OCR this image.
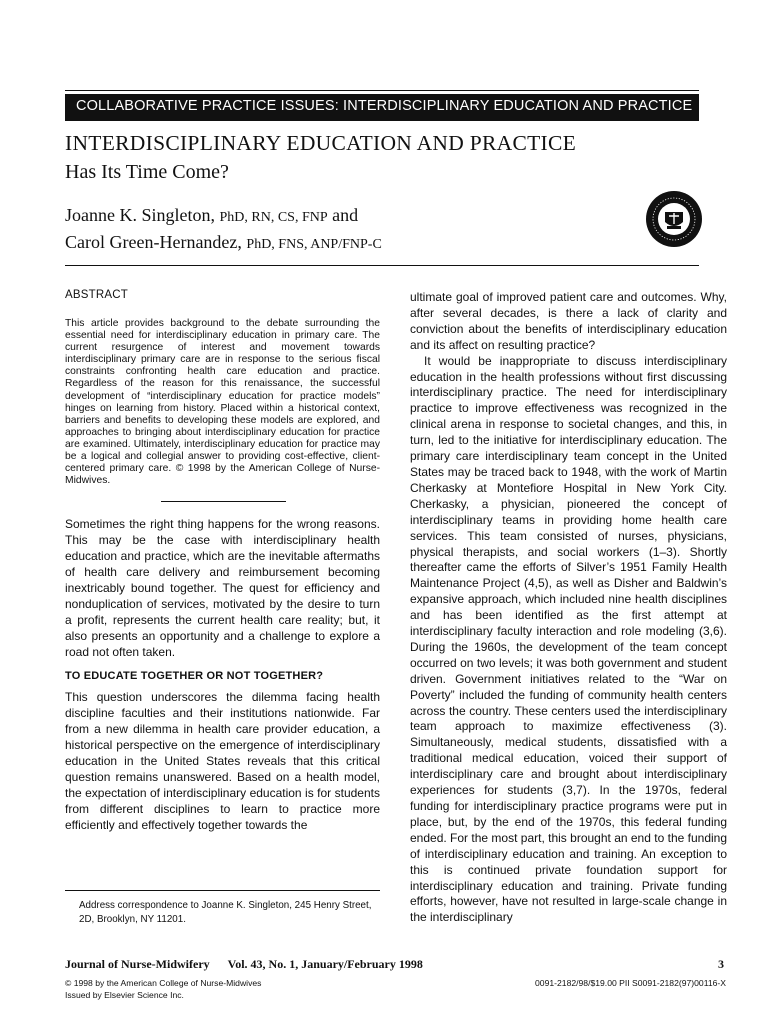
COLLABORATIVE PRACTICE ISSUES: INTERDISCIPLINARY EDUCATION AND PRACTICE
INTERDISCIPLINARY EDUCATION AND PRACTICE
Has Its Time Come?
Joanne K. Singleton, PhD, RN, CS, FNP and
Carol Green-Hernandez, PhD, FNS, ANP/FNP-C
ABSTRACT

This article provides background to the debate surrounding the essential need for interdisciplinary education in primary care. The current resurgence of interest and movement towards interdisciplinary primary care are in response to the serious fiscal constraints confronting health care education and practice. Regardless of the reason for this renaissance, the successful development of “interdisciplinary education for practice models” hinges on learning from history. Placed within a historical context, barriers and benefits to developing these models are explored, and approaches to bringing about interdisciplinary education for practice are examined. Ultimately, interdisciplinary education for practice may be a logical and collegial answer to providing cost-effective, client-centered primary care. © 1998 by the American College of Nurse-Midwives.

Sometimes the right thing happens for the wrong reasons. This may be the case with interdisciplinary health education and practice, which are the inevitable aftermaths of health care delivery and reimbursement becoming inextricably bound together. The quest for efficiency and nonduplication of services, motivated by the desire to turn a profit, represents the current health care reality; but, it also presents an opportunity and a challenge to explore a road not often taken.

TO EDUCATE TOGETHER OR NOT TOGETHER?

This question underscores the dilemma facing health discipline faculties and their institutions nationwide. Far from a new dilemma in health care provider education, a historical perspective on the emergence of interdisciplinary education in the United States reveals that this critical question remains unanswered. Based on a health model, the expectation of interdisciplinary education is for students from different disciplines to learn to practice more efficiently and effectively together towards the

ultimate goal of improved patient care and outcomes. Why, after several decades, is there a lack of clarity and conviction about the benefits of interdisciplinary education and its affect on resulting practice?

It would be inappropriate to discuss interdisciplinary education in the health professions without first discussing interdisciplinary practice. The need for interdisciplinary practice to improve effectiveness was recognized in the clinical arena in response to societal changes, and this, in turn, led to the initiative for interdisciplinary education. The primary care interdisciplinary team concept in the United States may be traced back to 1948, with the work of Martin Cherkasky at Montefiore Hospital in New York City. Cherkasky, a physician, pioneered the concept of interdisciplinary teams in providing home health care services. This team consisted of nurses, physicians, physical therapists, and social workers (1–3). Shortly thereafter came the efforts of Silver’s 1951 Family Health Maintenance Project (4,5), as well as Disher and Baldwin’s expansive approach, which included nine health disciplines and has been identified as the first attempt at interdisciplinary faculty interaction and role modeling (3,6). During the 1960s, the development of the team concept occurred on two levels; it was both government and student driven. Government initiatives related to the “War on Poverty” included the funding of community health centers across the country. These centers used the interdisciplinary team approach to maximize effectiveness (3). Simultaneously, medical students, dissatisfied with a traditional medical education, voiced their support of interdisciplinary care and brought about interdisciplinary experiences for students (3,7). In the 1970s, federal funding for interdisciplinary practice programs were put in place, but, by the end of the 1970s, this federal funding ended. For the most part, this brought an end to the funding of interdisciplinary education and training. An exception to this is continued private foundation support for interdisciplinary education and training. Private funding efforts, however, have not resulted in large-scale change in the interdisciplinary

Address correspondence to Joanne K. Singleton, 245 Henry Street, 2D, Brooklyn, NY 11201.
Journal of Nurse-Midwifery Vol. 43, No. 1, January/February 1998	3
© 1998 by the American College of Nurse-Midwives
Issued by Elsevier Science Inc.
0091-2182/98/$19.00 PII S0091-2182(97)00116-X
